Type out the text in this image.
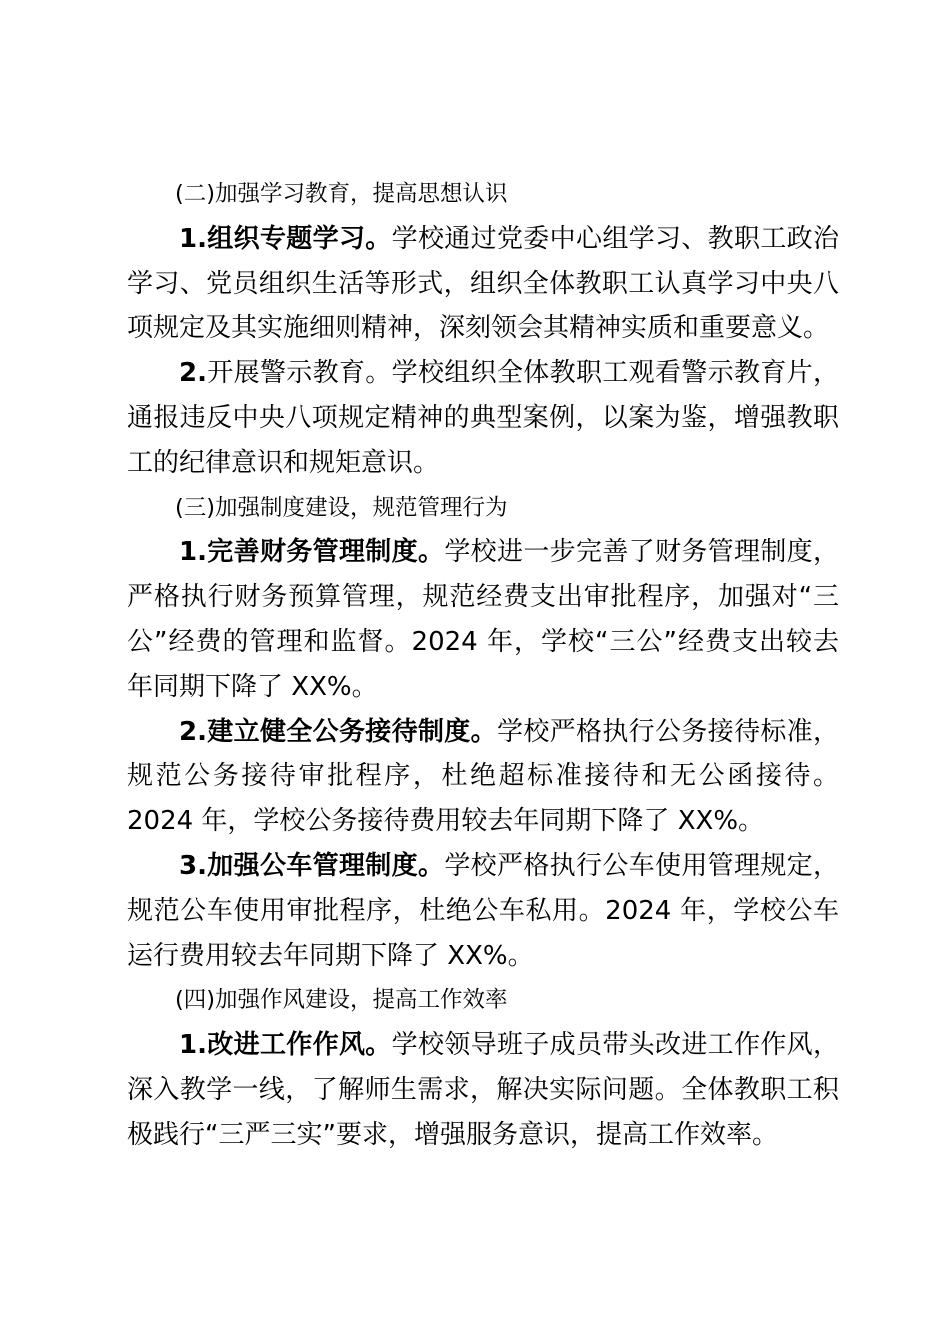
(二)加强学习教育，提高思想认识

1.组织专题学习。学校通过党委中心组学习、教职工政治学习、党员组织生活等形式，组织全体教职工认真学习中央八项规定及其实施细则精神，深刻领会其精神实质和重要意义。

2.开展警示教育。学校组织全体教职工观看警示教育片，通报违反中央八项规定精神的典型案例，以案为鉴，增强教职工的纪律意识和规矩意识。

(三)加强制度建设，规范管理行为

1.完善财务管理制度。学校进一步完善了财务管理制度，严格执行财务预算管理，规范经费支出审批程序，加强对“三公”经费的管理和监督。2024 年，学校“三公”经费支出较去年同期下降了 XX%。

2.建立健全公务接待制度。学校严格执行公务接待标准，规范公务接待审批程序，杜绝超标准接待和无公函接待。2024 年，学校公务接待费用较去年同期下降了 XX%。

3.加强公车管理制度。学校严格执行公车使用管理规定，规范公车使用审批程序，杜绝公车私用。2024 年，学校公车运行费用较去年同期下降了 XX%。

(四)加强作风建设，提高工作效率

1.改进工作作风。学校领导班子成员带头改进工作作风，深入教学一线，了解师生需求，解决实际问题。全体教职工积极践行“三严三实”要求，增强服务意识，提高工作效率。
